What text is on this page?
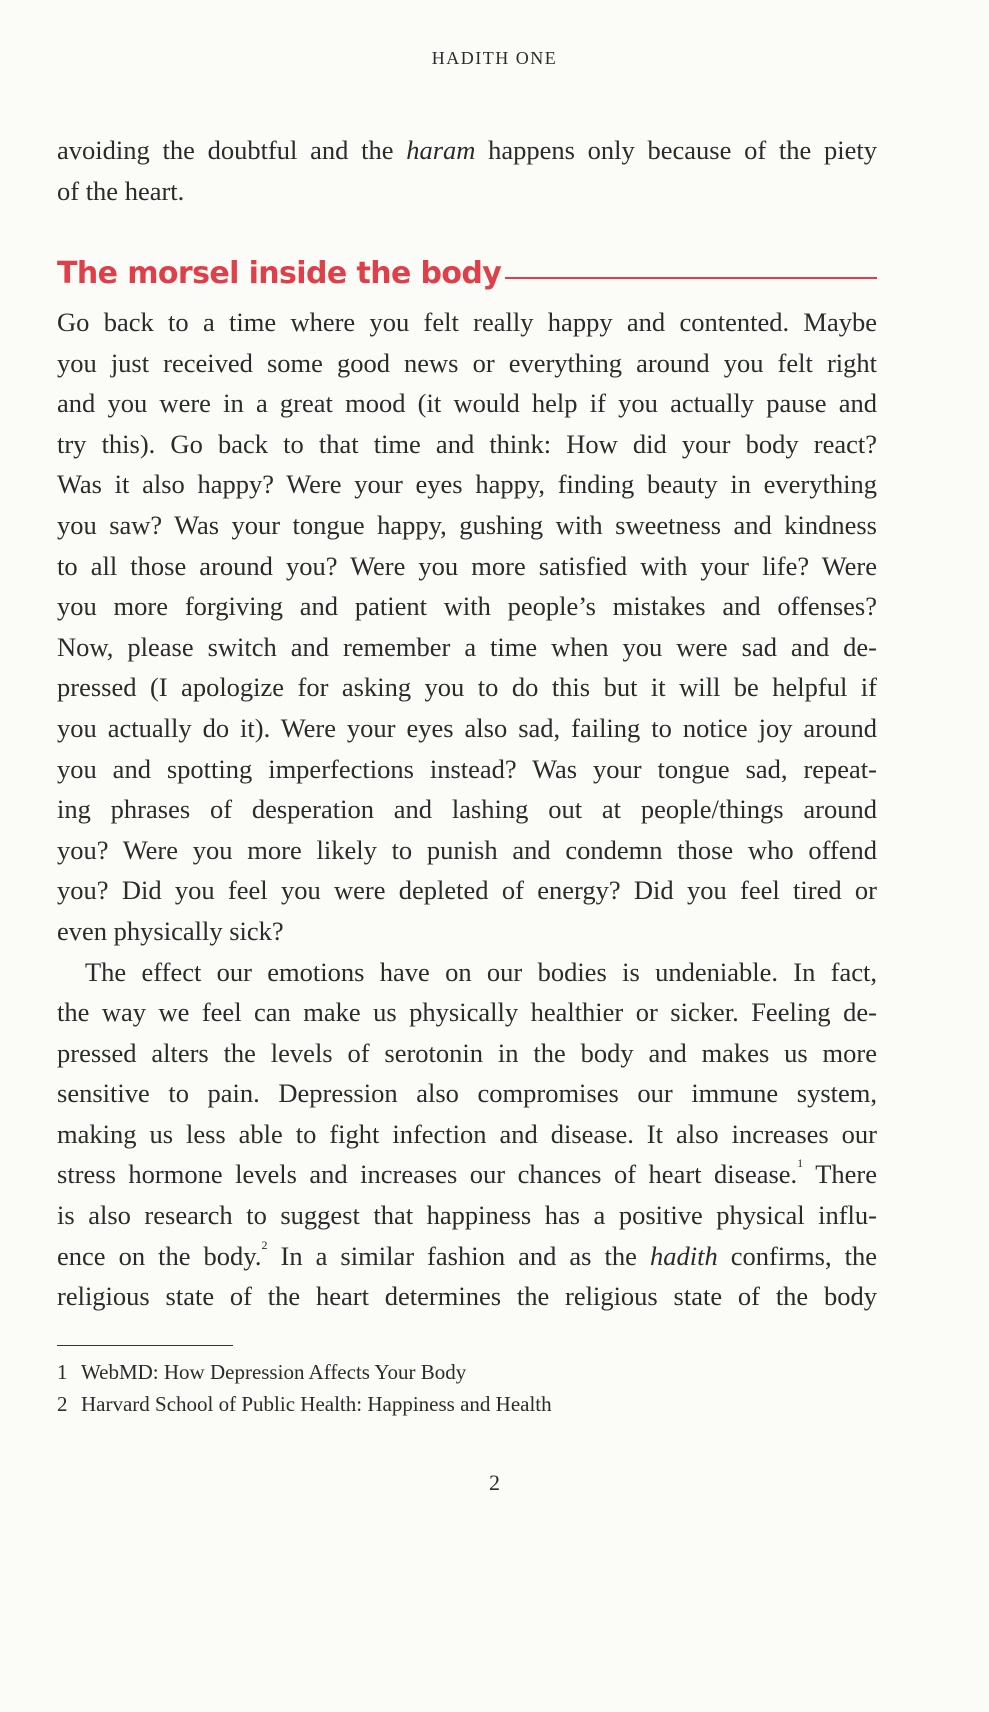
HADITH ONE
avoiding the doubtful and the haram happens only because of the piety
of the heart.
The morsel inside the body
Go back to a time where you felt really happy and contented. Maybe
you just received some good news or everything around you felt right
and you were in a great mood (it would help if you actually pause and
try this). Go back to that time and think: How did your body react?
Was it also happy? Were your eyes happy, finding beauty in everything
you saw? Was your tongue happy, gushing with sweetness and kindness
to all those around you? Were you more satisfied with your life? Were
you more forgiving and patient with people’s mistakes and offenses?
Now, please switch and remember a time when you were sad and de-
pressed (I apologize for asking you to do this but it will be helpful if
you actually do it). Were your eyes also sad, failing to notice joy around
you and spotting imperfections instead? Was your tongue sad, repeat-
ing phrases of desperation and lashing out at people/things around
you? Were you more likely to punish and condemn those who offend
you? Did you feel you were depleted of energy? Did you feel tired or
even physically sick?
The effect our emotions have on our bodies is undeniable. In fact,
the way we feel can make us physically healthier or sicker. Feeling de-
pressed alters the levels of serotonin in the body and makes us more
sensitive to pain. Depression also compromises our immune system,
making us less able to fight infection and disease. It also increases our
stress hormone levels and increases our chances of heart disease.$^1$ There
is also research to suggest that happiness has a positive physical influ-
ence on the body.$^2$ In a similar fashion and as the hadith confirms, the
religious state of the heart determines the religious state of the body
1 WebMD: How Depression Affects Your Body
2 Harvard School of Public Health: Happiness and Health
2
